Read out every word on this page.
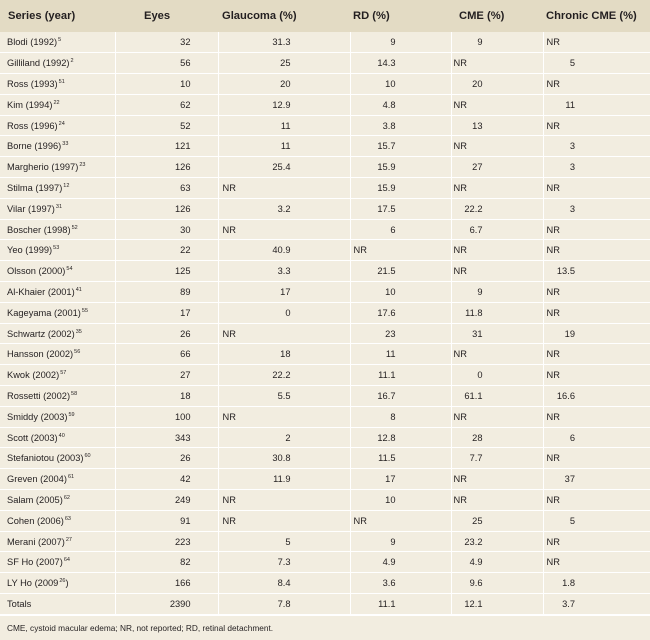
Series (year)	Eyes	Glaucoma (%)	RD (%)	CME (%)	Chronic CME (%)
Blodi $(1992)^5$	32	31.3	9	9	NR
Gilliland $(1992)^2$	56	25	14.3	NR	5
Ross $(1993)^{51}$	10	20	10	20	NR
Kim $(1994)^{22}$	62	12.9	4.8	NR	11
Ross $(1996)^{24}$	52	11	3.8	13	NR
Borne $(1996)^{33}$	121	11	15.7	NR	3
Margherio $(1997)^{23}$	126	25.4	15.9	27	3
Stilma $(1997)^{12}$	63	NR	15.9	NR	NR
Vilar $(1997)^{31}$	126	3.2	17.5	22.2	3
Boscher $(1998)^{52}$	30	NR	6	6.7	NR
Yeo $(1999)^{53}$	22	40.9	NR	NR	NR
Olsson $(2000)^{54}$	125	3.3	21.5	NR	13.5
Al-Khaier $(2001)^{41}$	89	17	10	9	NR
Kageyama $(2001)^{55}$	17	0	17.6	11.8	NR
Schwartz $(2002)^{35}$	26	NR	23	31	19
Hansson $(2002)^{56}$	66	18	11	NR	NR
Kwok $(2002)^{57}$	27	22.2	11.1	0	NR
Rossetti $(2002)^{58}$	18	5.5	16.7	61.1	16.6
Smiddy $(2003)^{59}$	100	NR	8	NR	NR
Scott $(2003)^{40}$	343	2	12.8	28	6
Stefaniotou $(2003)^{60}$	26	30.8	11.5	7.7	NR
Greven $(2004)^{61}$	42	11.9	17	NR	37
Salam $(2005)^{62}$	249	NR	10	NR	NR
Cohen $(2006)^{63}$	91	NR	NR	25	5
Merani $(2007)^{27}$	223	5	9	23.2	NR
SF Ho $(2007)^{64}$	82	7.3	4.9	4.9	NR
LY Ho (2009$^{26}$)	166	8.4	3.6	9.6	1.8
Totals	2390	7.8	11.1	12.1	3.7
CME, cystoid macular edema; NR, not reported; RD, retinal detachment.
